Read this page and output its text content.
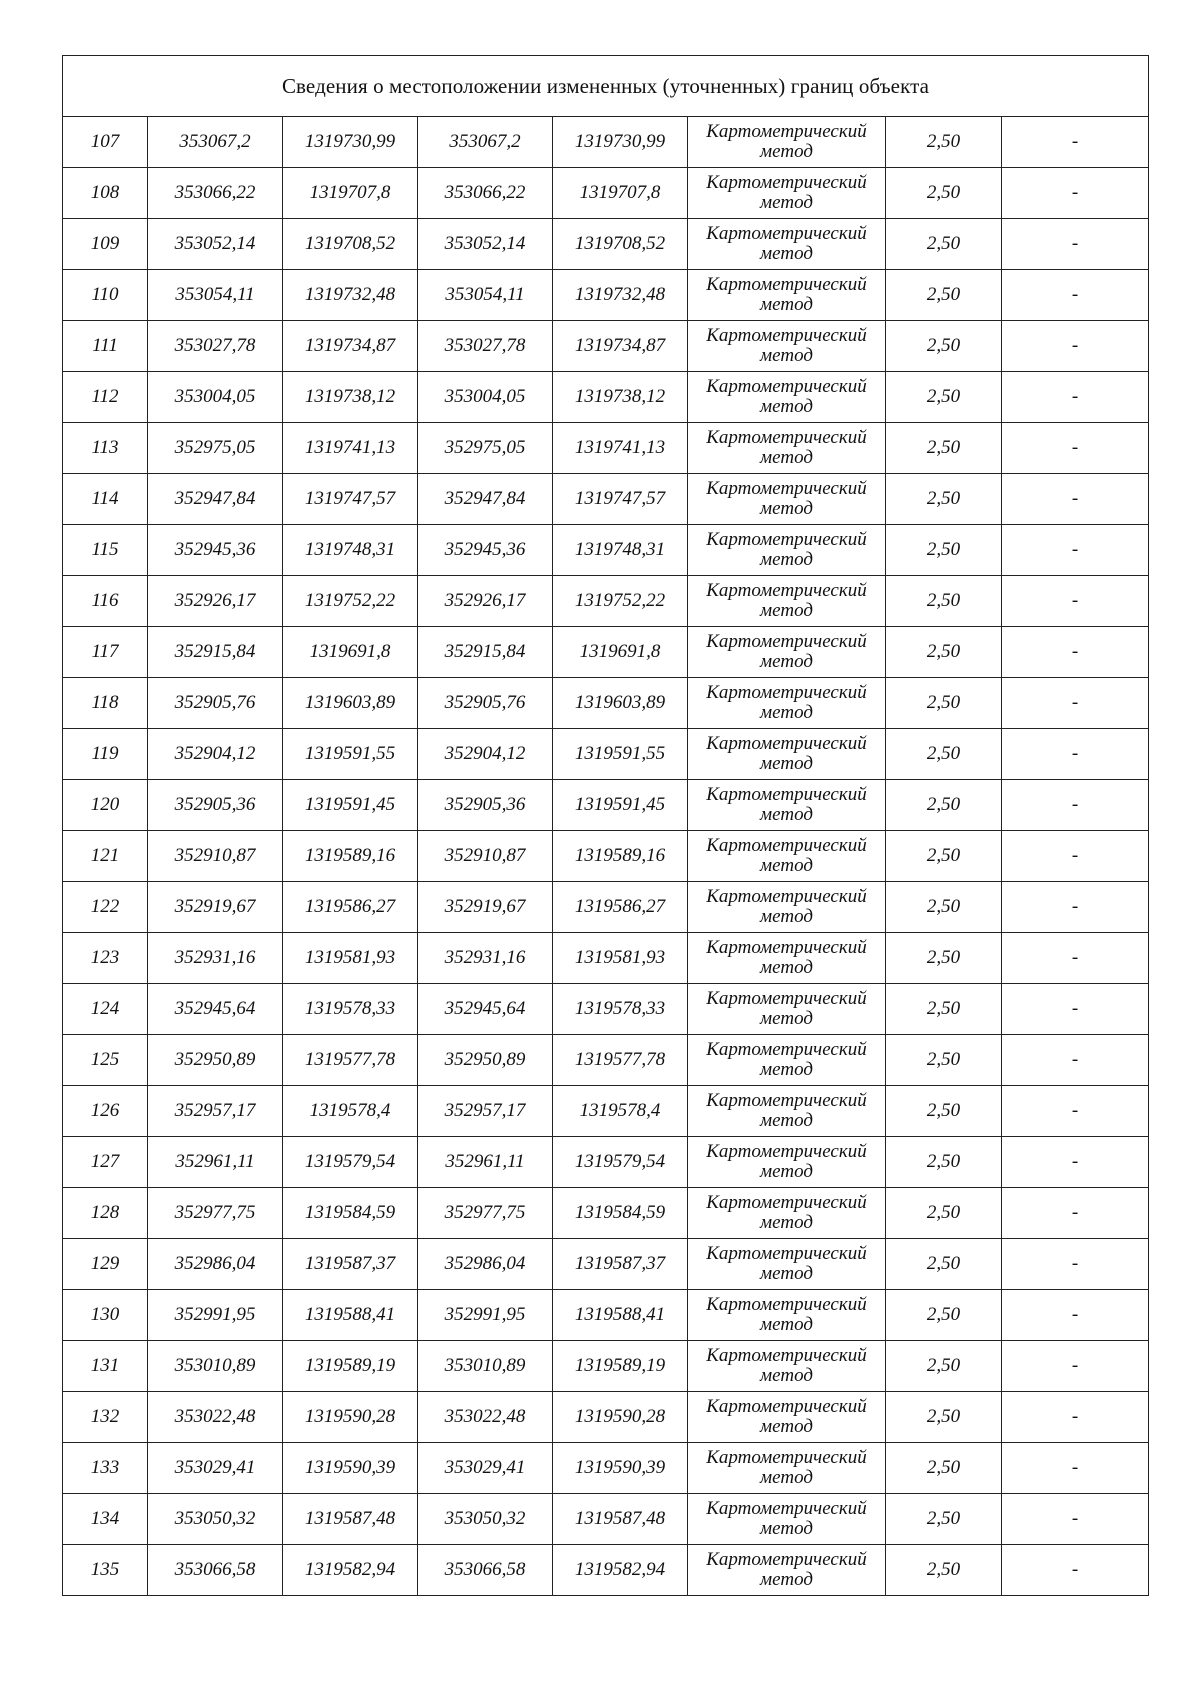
Сведения о местоположении измененных (уточненных) границ объекта							
107	353067,2	1319730,99	353067,2	1319730,99	Картометрический
метод	2,50	-
108	353066,22	1319707,8	353066,22	1319707,8	Картометрический
метод	2,50	-
109	353052,14	1319708,52	353052,14	1319708,52	Картометрический
метод	2,50	-
110	353054,11	1319732,48	353054,11	1319732,48	Картометрический
метод	2,50	-
111	353027,78	1319734,87	353027,78	1319734,87	Картометрический
метод	2,50	-
112	353004,05	1319738,12	353004,05	1319738,12	Картометрический
метод	2,50	-
113	352975,05	1319741,13	352975,05	1319741,13	Картометрический
метод	2,50	-
114	352947,84	1319747,57	352947,84	1319747,57	Картометрический
метод	2,50	-
115	352945,36	1319748,31	352945,36	1319748,31	Картометрический
метод	2,50	-
116	352926,17	1319752,22	352926,17	1319752,22	Картометрический
метод	2,50	-
117	352915,84	1319691,8	352915,84	1319691,8	Картометрический
метод	2,50	-
118	352905,76	1319603,89	352905,76	1319603,89	Картометрический
метод	2,50	-
119	352904,12	1319591,55	352904,12	1319591,55	Картометрический
метод	2,50	-
120	352905,36	1319591,45	352905,36	1319591,45	Картометрический
метод	2,50	-
121	352910,87	1319589,16	352910,87	1319589,16	Картометрический
метод	2,50	-
122	352919,67	1319586,27	352919,67	1319586,27	Картометрический
метод	2,50	-
123	352931,16	1319581,93	352931,16	1319581,93	Картометрический
метод	2,50	-
124	352945,64	1319578,33	352945,64	1319578,33	Картометрический
метод	2,50	-
125	352950,89	1319577,78	352950,89	1319577,78	Картометрический
метод	2,50	-
126	352957,17	1319578,4	352957,17	1319578,4	Картометрический
метод	2,50	-
127	352961,11	1319579,54	352961,11	1319579,54	Картометрический
метод	2,50	-
128	352977,75	1319584,59	352977,75	1319584,59	Картометрический
метод	2,50	-
129	352986,04	1319587,37	352986,04	1319587,37	Картометрический
метод	2,50	-
130	352991,95	1319588,41	352991,95	1319588,41	Картометрический
метод	2,50	-
131	353010,89	1319589,19	353010,89	1319589,19	Картометрический
метод	2,50	-
132	353022,48	1319590,28	353022,48	1319590,28	Картометрический
метод	2,50	-
133	353029,41	1319590,39	353029,41	1319590,39	Картометрический
метод	2,50	-
134	353050,32	1319587,48	353050,32	1319587,48	Картометрический
метод	2,50	-
135	353066,58	1319582,94	353066,58	1319582,94	Картометрический
метод	2,50	-
